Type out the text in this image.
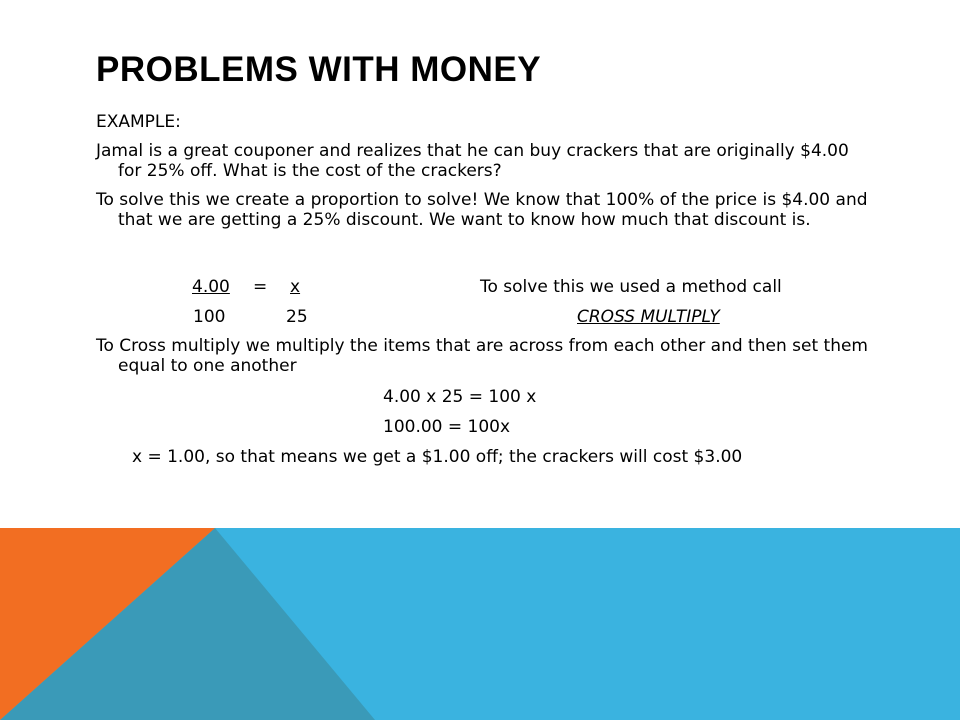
PROBLEMS WITH MONEY

EXAMPLE:

Jamal is a great couponer and realizes that he can buy crackers that are originally $4.00 for 25% off. What is the cost of the crackers?

To solve this we create a proportion to solve! We know that 100% of the price is $4.00 and that we are getting a 25% discount. We want to know how much that discount is.

4.00 = x	To solve this we used a method call
100	25	CROSS MULTIPLY

To Cross multiply we multiply the items that are across from each other and then set them equal to one another

4.00 x 25 = 100 x
100.00 = 100x
x = 1.00, so that means we get a $1.00 off; the crackers will cost $3.00
